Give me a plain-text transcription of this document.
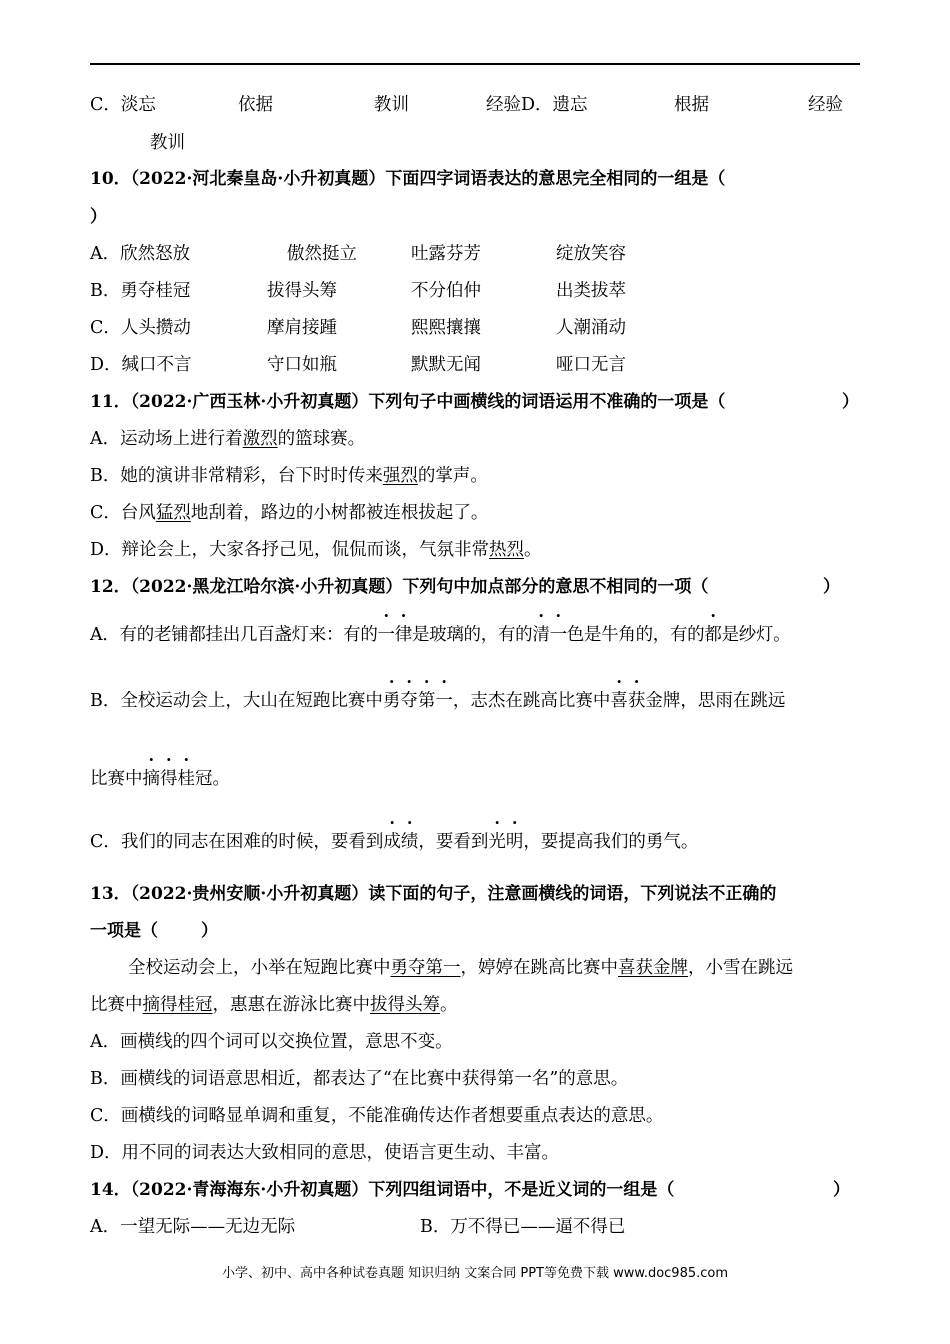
C．淡忘	依据	教训	经验D．遗忘	根据	经验
教训
10．（2022·河北秦皇岛·小升初真题）下面四字词语表达的意思完全相同的一组是（
）
A．欣然怒放	傲然挺立	吐露芬芳	绽放笑容
B．勇夺桂冠	拔得头筹	不分伯仲	出类拔萃
C．人头攒动	摩肩接踵	熙熙攘攘	人潮涌动
D．缄口不言	守口如瓶	默默无闻	哑口无言
11．（2022·广西玉林·小升初真题）下列句子中画横线的词语运用不准确的一项是（	）
A．运动场上进行着激烈的篮球赛。
B．她的演讲非常精彩，台下时时传来强烈的掌声。
C．台风猛烈地刮着，路边的小树都被连根拔起了。
D．辩论会上，大家各抒己见，侃侃而谈，气氛非常热烈。
12．（2022·黑龙江哈尔滨·小升初真题）下列句中加点部分的意思不相同的一项（	）
A．有的老铺都挂出几百盏灯来：有的一律是玻璃的，有的清一色是牛角的，有的都是纱灯。
B．全校运动会上，大山在短跑比赛中勇夺第一，志杰在跳高比赛中喜获金牌，思雨在跳远
比赛中摘得桂冠。
C．我们的同志在困难的时候，要看到成绩，要看到光明，要提高我们的勇气。
13．（2022·贵州安顺·小升初真题）读下面的句子，注意画横线的词语，下列说法不正确的
一项是（	）
全校运动会上，小举在短跑比赛中勇夺第一，婷婷在跳高比赛中喜获金牌，小雪在跳远
比赛中摘得桂冠，惠惠在游泳比赛中拔得头筹。
A．画横线的四个词可以交换位置，意思不变。
B．画横线的词语意思相近，都表达了“在比赛中获得第一名”的意思。
C．画横线的词略显单调和重复，不能准确传达作者想要重点表达的意思。
D．用不同的词表达大致相同的意思，使语言更生动、丰富。
14．（2022·青海海东·小升初真题）下列四组词语中，不是近义词的一组是（	）
A．一望无际——无边无际	B．万不得已——逼不得已
小学、初中、高中各种试卷真题 知识归纳 文案合同 PPT等免费下载 www.doc985.com
